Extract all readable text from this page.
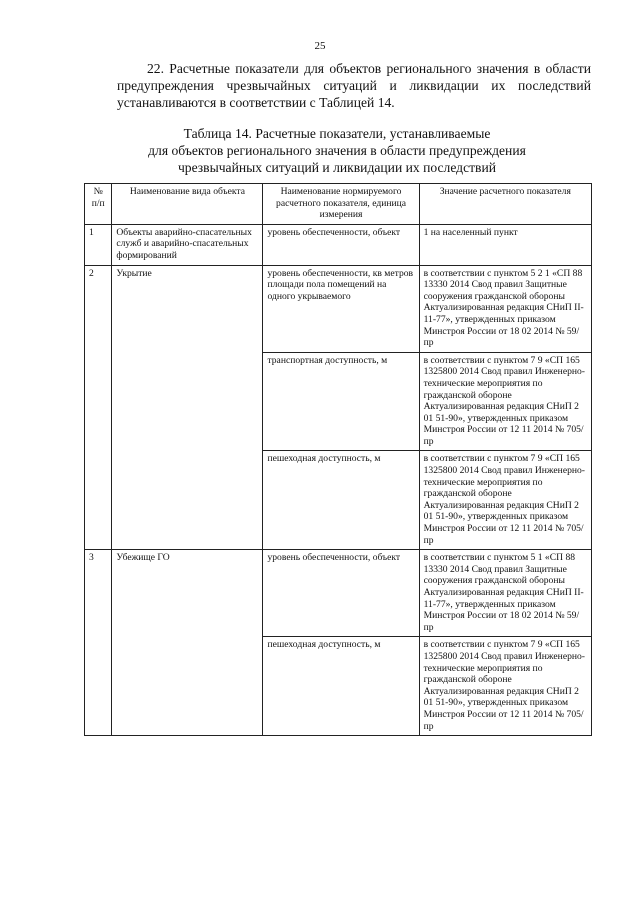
25

22. Расчетные показатели для объектов регионального значения в области предупреждения чрезвычайных ситуаций и ликвидации их последствий устанавливаются в соответствии с Таблицей 14.

Таблица 14. Расчетные показатели, устанавливаемые
для объектов регионального значения в области предупреждения
чрезвычайных ситуаций и ликвидации их последствий
№ п/п	Наименование вида объекта	Наименование нормируемого расчетного показателя, единица измерения	Значение расчетного показателя
1	Объекты аварийно-спасательных служб и аварийно-спасательных формирований	уровень обеспеченности, объект	1 на населенный пункт
2	Укрытие	уровень обеспеченности, кв метров площади пола помещений на одного укрываемого	в соответствии с пунктом 5 2 1 «СП 88 13330 2014 Свод правил Защитные сооружения гражданской обороны Актуализированная редакция СНиП II-11-77», утвержденных приказом Минстроя России от 18 02 2014 № 59/пр
		транспортная доступность, м	в соответствии с пунктом 7 9 «СП 165 1325800 2014 Свод правил Инженерно-технические мероприятия по гражданской обороне Актуализированная редакция СНиП 2 01 51-90», утвержденных приказом Минстроя России от 12 11 2014 № 705/пр
		пешеходная доступность, м	в соответствии с пунктом 7 9 «СП 165 1325800 2014 Свод правил Инженерно-технические мероприятия по гражданской обороне Актуализированная редакция СНиП 2 01 51-90», утвержденных приказом Минстроя России от 12 11 2014 № 705/пр
3	Убежище ГО	уровень обеспеченности, объект	в соответствии с пунктом 5 1 «СП 88 13330 2014 Свод правил Защитные сооружения гражданской обороны Актуализированная редакция СНиП II-11-77», утвержденных приказом Минстроя России от 18 02 2014 № 59/пр
		пешеходная доступность, м	в соответствии с пунктом 7 9 «СП 165 1325800 2014 Свод правил Инженерно-технические мероприятия по гражданской обороне Актуализированная редакция СНиП 2 01 51-90», утвержденных приказом Минстроя России от 12 11 2014 № 705/пр
